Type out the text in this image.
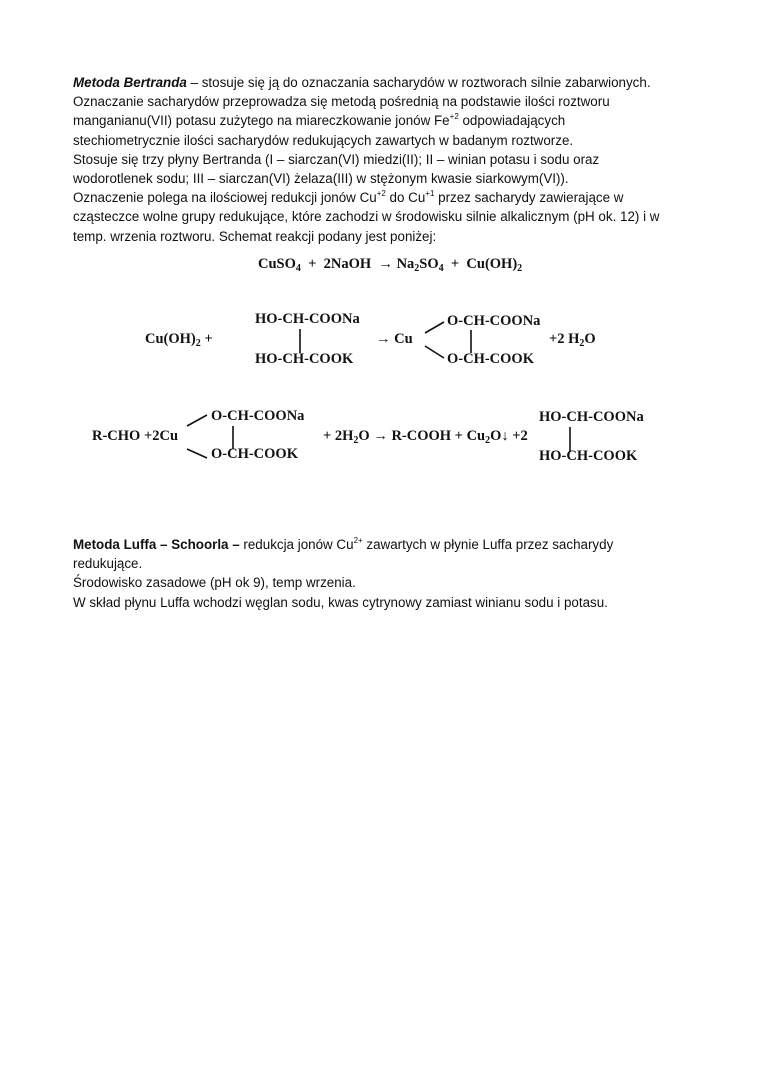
Metoda Bertranda – stosuje się ją do oznaczania sacharydów w roztworach silnie zabarwionych.
Oznaczanie sacharydów przeprowadza się metodą pośrednią na podstawie ilości roztworu
manganianu(VII) potasu zużytego na miareczkowanie jonów $Fe^{+2}$ odpowiadających
stechiometrycznie ilości sacharydów redukujących zawartych w badanym roztworze.
Stosuje się trzy płyny Bertranda (I – siarczan(VI) miedzi(II); II – winian potasu i sodu oraz
wodorotlenek sodu; III – siarczan(VI) żelaza(III) w stężonym kwasie siarkowym(VI)).
Oznaczenie polega na ilościowej redukcji jonów $Cu^{+2}$ do $Cu^{+1}$ przez sacharydy zawierające w
cząsteczce wolne grupy redukujące, które zachodzi w środowisku silnie alkalicznym (pH ok. 12) i w
temp. wrzenia roztworu. Schemat reakcji podany jest poniżej:
CuSO$_4$ + 2NaOH → $Na_2SO_4 + Cu(OH)_2$
$Cu(OH)_2$ +
HO-CH-COONa
HO-CH-COOK
→ Cu
O-CH-COONa
O-CH-COOK
+2 $H_2O$
R-CHO +2Cu
O-CH-COONa
O-CH-COOK
+ $2H_2O$ → R-COOH + $Cu_2O↓ +2$
HO-CH-COONa
HO-CH-COOK
Metoda Luffa – Schoorla – redukcja jonów $Cu^{2+}$ zawartych w płynie Luffa przez sacharydy
redukujące.
Środowisko zasadowe (pH ok 9), temp wrzenia.
W skład płynu Luffa wchodzi węglan sodu, kwas cytrynowy zamiast winianu sodu i potasu.
